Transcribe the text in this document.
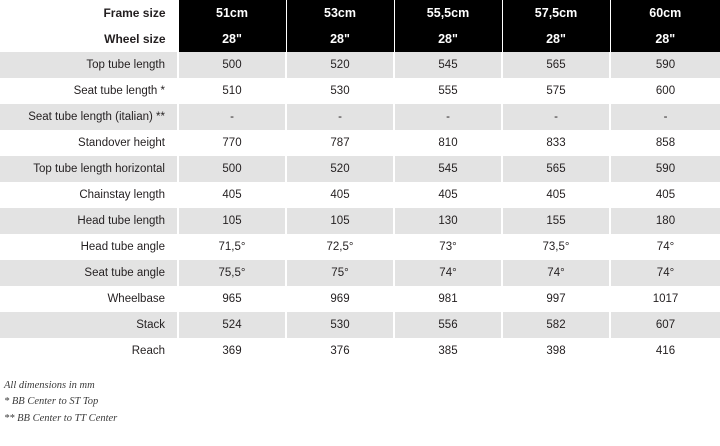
Frame size	51cm	53cm	55,5cm	57,5cm	60cm
Wheel size	28"	28"	28"	28"	28"
Top tube length	500	520	545	565	590
Seat tube length *	510	530	555	575	600
Seat tube length (italian) **	-	-	-	-	-
Standover height	770	787	810	833	858
Top tube length horizontal	500	520	545	565	590
Chainstay length	405	405	405	405	405
Head tube length	105	105	130	155	180
Head tube angle	71,5°	72,5°	73°	73,5°	74°
Seat tube angle	75,5°	75°	74°	74°	74°
Wheelbase	965	969	981	997	1017
Stack	524	530	556	582	607
Reach	369	376	385	398	416
All dimensions in mm
* BB Center to ST Top
** BB Center to TT Center
